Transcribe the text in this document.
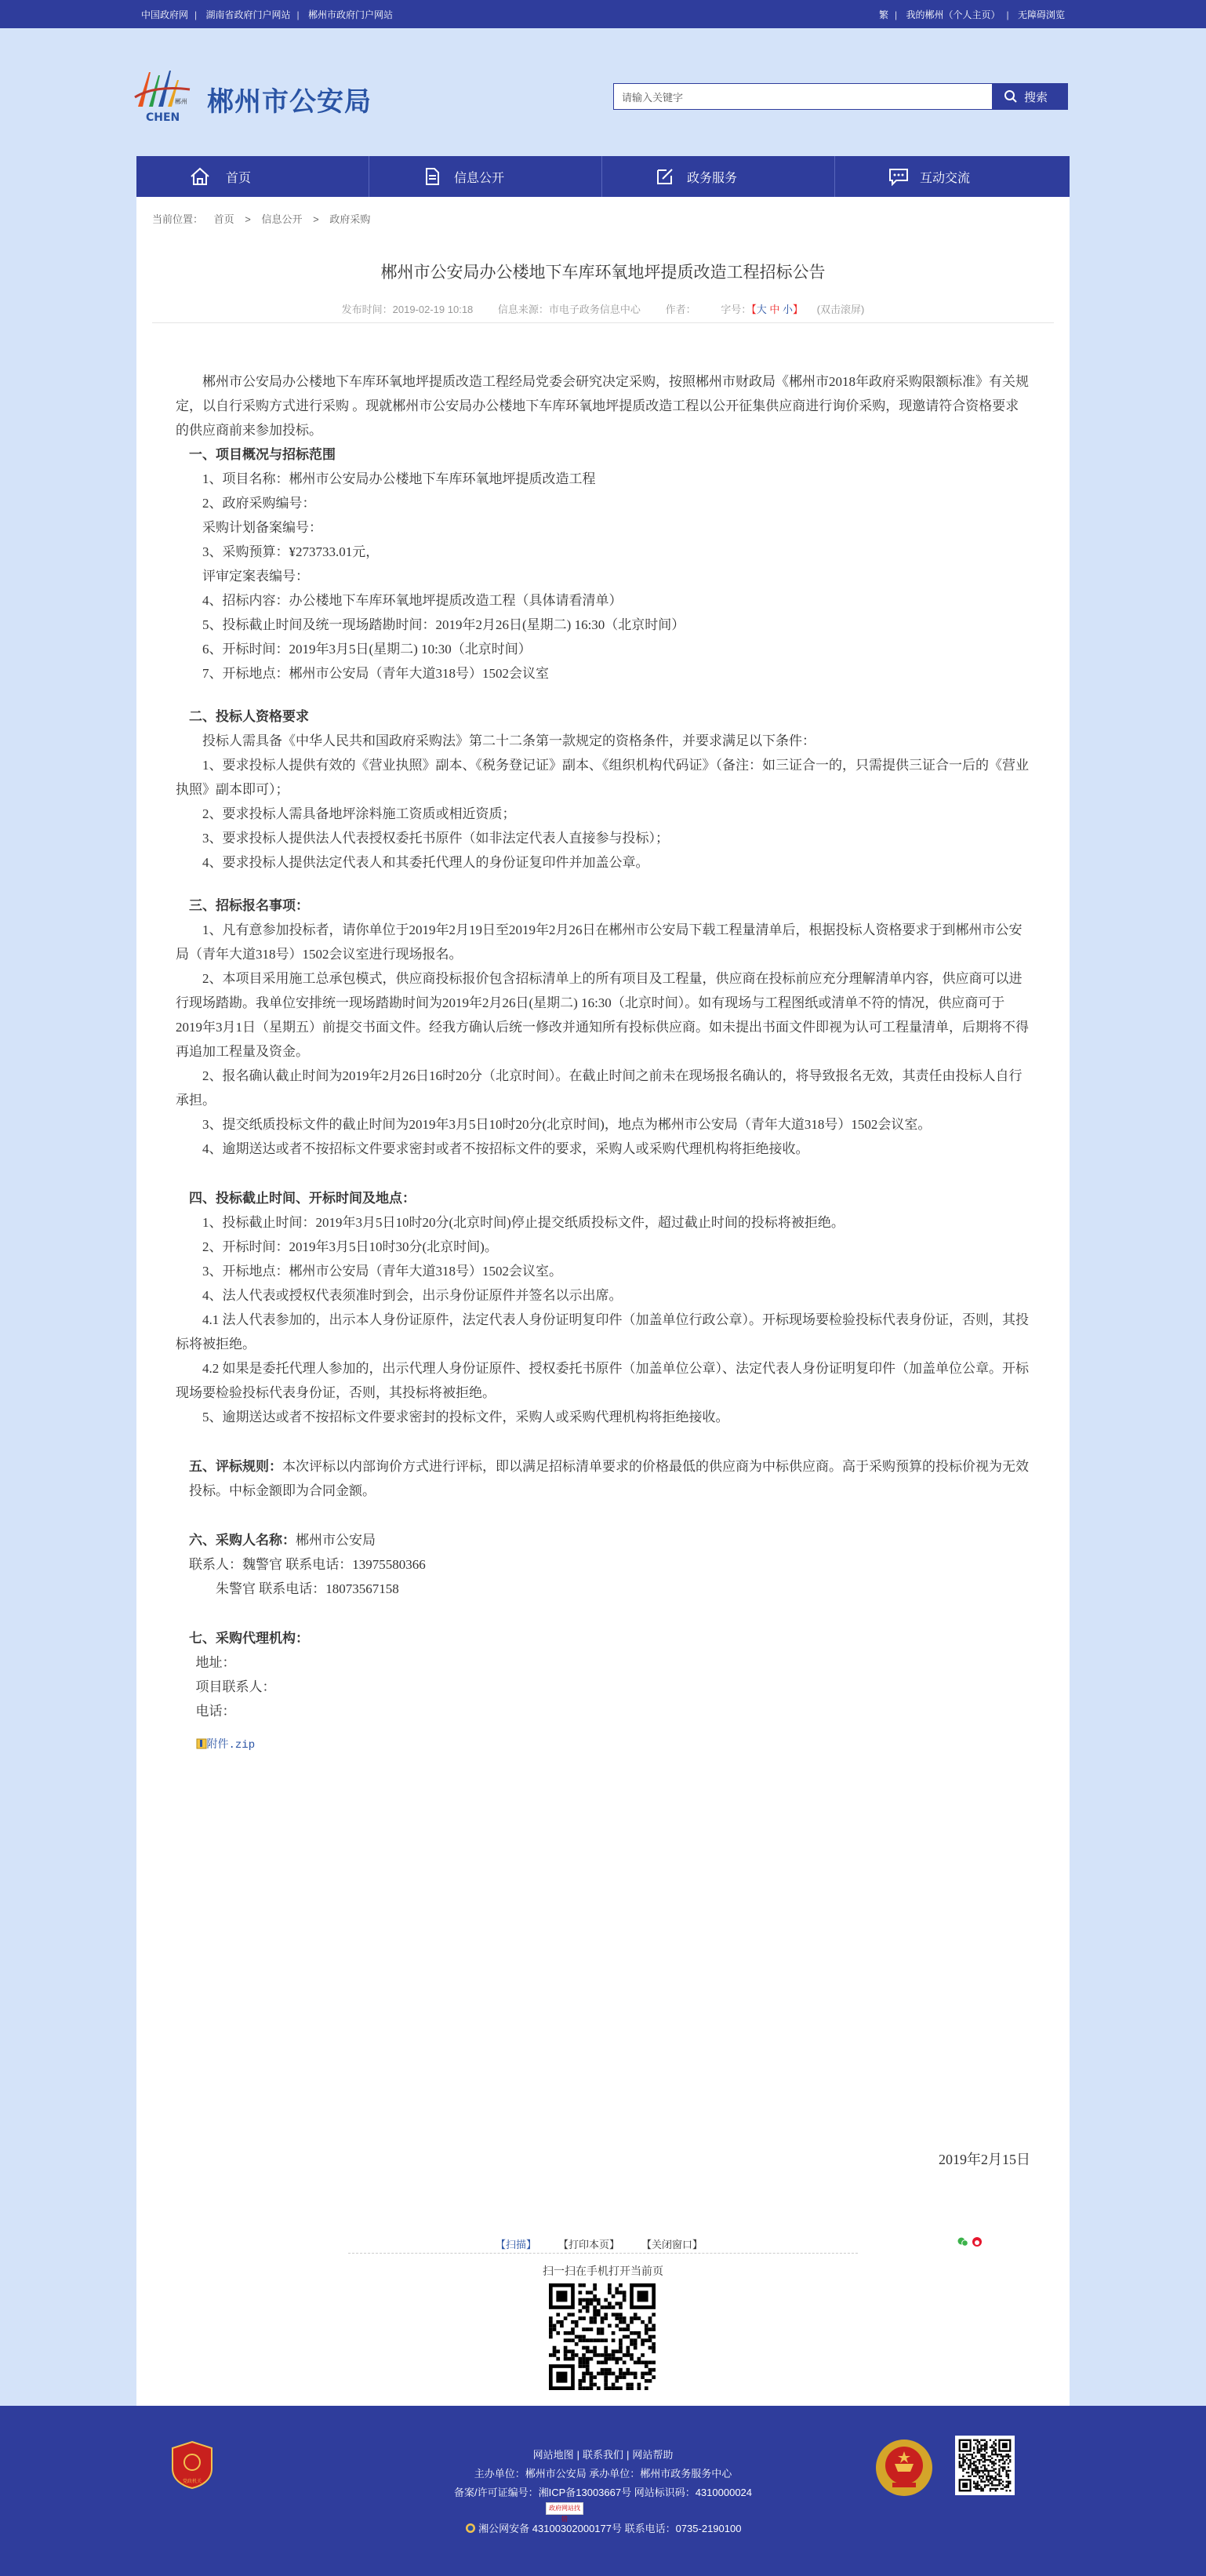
中国政府网 | 湖南省政府门户网站 | 郴州市政府门户网站	繁 | 我的郴州（个人主页） | 无障碍浏览
郴州
CHEN
郴州市公安局	请输入关键字	搜索
首页	信息公开	政务服务	互动交流
当前位置： 首页 > 信息公开 > 政府采购
郴州市公安局办公楼地下车库环氧地坪提质改造工程招标公告
发布时间：2019-02-19 10:18 信息来源：市电子政务信息中心 作者： 字号：【大 中 小】 (双击滚屏)

郴州市公安局办公楼地下车库环氧地坪提质改造工程经局党委会研究决定采购，按照郴州市财政局《郴州市2018年政府采购限额标准》有关规定，以自行采购方式进行采购 。现就郴州市公安局办公楼地下车库环氧地坪提质改造工程以公开征集供应商进行询价采购，现邀请符合资格要求的供应商前来参加投标。

一、项目概况与招标范围

1、项目名称：郴州市公安局办公楼地下车库环氧地坪提质改造工程

2、政府采购编号：

采购计划备案编号：

3、采购预算：¥273733.01元，

评审定案表编号：

4、招标内容：办公楼地下车库环氧地坪提质改造工程（具体请看清单）

5、投标截止时间及统一现场踏勘时间：2019年2月26日(星期二) 16:30（北京时间）

6、开标时间：2019年3月5日(星期二) 10:30（北京时间）

7、开标地点：郴州市公安局（青年大道318号）1502会议室

二、投标人资格要求

投标人需具备《中华人民共和国政府采购法》第二十二条第一款规定的资格条件，并要求满足以下条件：

1、要求投标人提供有效的《营业执照》副本、《税务登记证》副本、《组织机构代码证》（备注：如三证合一的，只需提供三证合一后的《营业执照》副本即可）；

2、要求投标人需具备地坪涂料施工资质或相近资质；

3、要求投标人提供法人代表授权委托书原件（如非法定代表人直接参与投标）；

4、要求投标人提供法定代表人和其委托代理人的身份证复印件并加盖公章。

三、招标报名事项：

1、凡有意参加投标者，请你单位于2019年2月19日至2019年2月26日在郴州市公安局下载工程量清单后，根据投标人资格要求于到郴州市公安局（青年大道318号）1502会议室进行现场报名。

2、本项目采用施工总承包模式，供应商投标报价包含招标清单上的所有项目及工程量，供应商在投标前应充分理解清单内容，供应商可以进行现场踏勘。我单位安排统一现场踏勘时间为2019年2月26日(星期二) 16:30（北京时间）。如有现场与工程图纸或清单不符的情况，供应商可于2019年3月1日（星期五）前提交书面文件。经我方确认后统一修改并通知所有投标供应商。如未提出书面文件即视为认可工程量清单，后期将不得再追加工程量及资金。

2、报名确认截止时间为2019年2月26日16时20分（北京时间）。在截止时间之前未在现场报名确认的，将导致报名无效，其责任由投标人自行承担。

3、提交纸质投标文件的截止时间为2019年3月5日10时20分(北京时间)，地点为郴州市公安局（青年大道318号）1502会议室。

4、逾期送达或者不按招标文件要求密封或者不按招标文件的要求，采购人或采购代理机构将拒绝接收。

四、投标截止时间、开标时间及地点：

1、投标截止时间：2019年3月5日10时20分(北京时间)停止提交纸质投标文件，超过截止时间的投标将被拒绝。

2、开标时间：2019年3月5日10时30分(北京时间)。

3、开标地点：郴州市公安局（青年大道318号）1502会议室。

4、法人代表或授权代表须准时到会，出示身份证原件并签名以示出席。

4.1 法人代表参加的，出示本人身份证原件，法定代表人身份证明复印件（加盖单位行政公章）。开标现场要检验投标代表身份证，否则，其投标将被拒绝。

4.2 如果是委托代理人参加的，出示代理人身份证原件、授权委托书原件（加盖单位公章）、法定代表人身份证明复印件（加盖单位公章。开标现场要检验投标代表身份证，否则，其投标将被拒绝。

5、逾期送达或者不按招标文件要求密封的投标文件，采购人或采购代理机构将拒绝接收。

五、评标规则：本次评标以内部询价方式进行评标，即以满足招标清单要求的价格最低的供应商为中标供应商。高于采购预算的投标价视为无效投标。中标金额即为合同金额。

六、采购人名称：郴州市公安局

联系人：魏警官 联系电话：13975580366

朱警官 联系电话：18073567158

七、采购代理机构：

地址：

项目联系人：

电话：

附件.zip

2019年2月15日
【扫描】 【打印本页】 【关闭窗口】
扫一扫在手机打开当前页
党政机关
网站地图 | 联系我们 | 网站帮助
主办单位：郴州市公安局 承办单位：郴州市政务服务中心
备案/许可证编号：湘ICP备13003667号 网站标识码：4310000024
政府网站找错
湘公网安备 43100302000177号 联系电话：0735-2190100
